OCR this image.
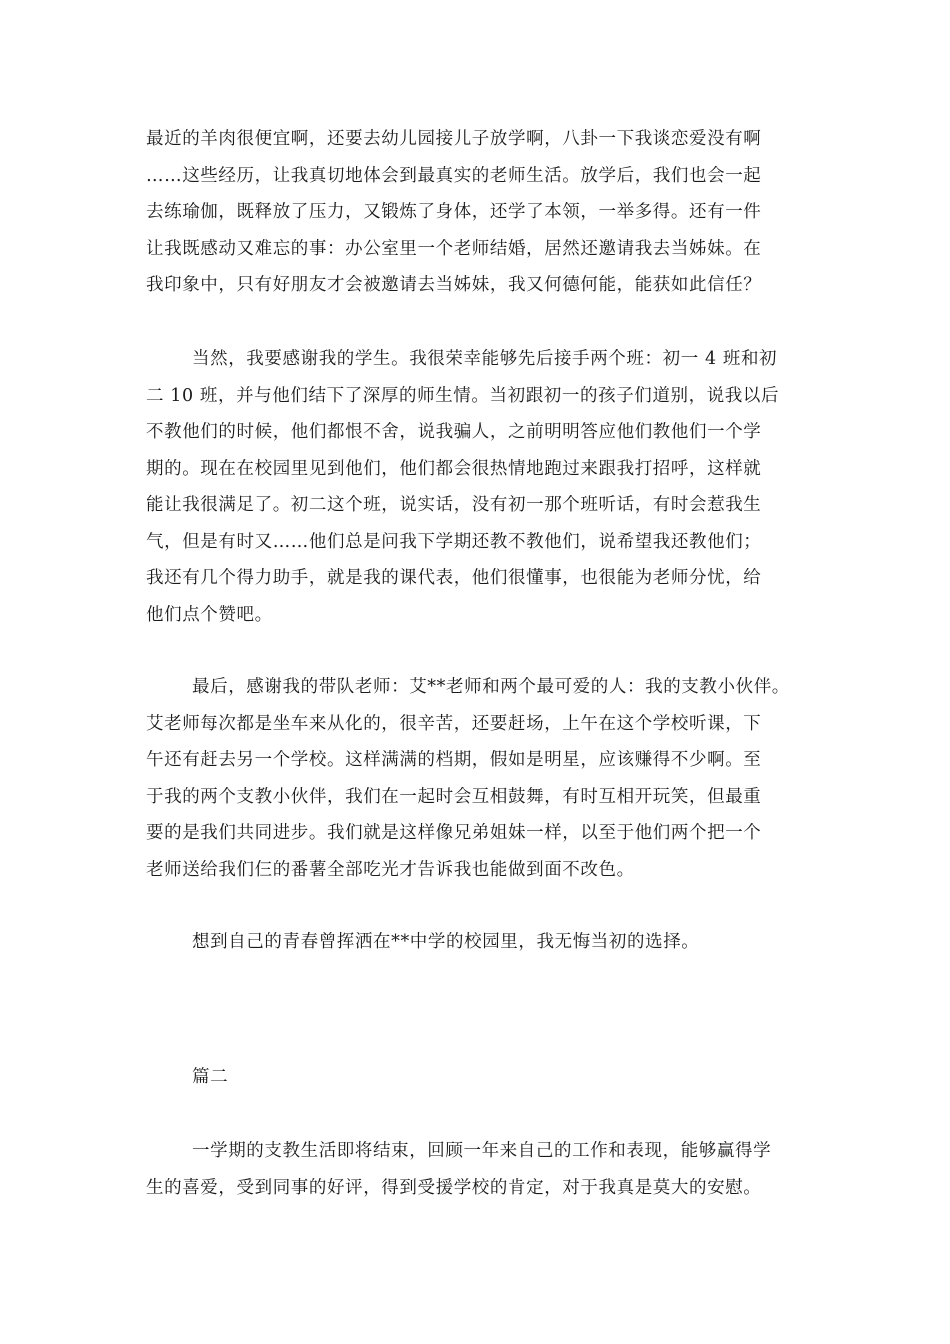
最近的羊肉很便宜啊，还要去幼儿园接儿子放学啊，八卦一下我谈恋爱没有啊
……这些经历，让我真切地体会到最真实的老师生活。放学后，我们也会一起
去练瑜伽，既释放了压力，又锻炼了身体，还学了本领，一举多得。还有一件
让我既感动又难忘的事：办公室里一个老师结婚，居然还邀请我去当姊妹。在
我印象中，只有好朋友才会被邀请去当姊妹，我又何德何能，能获如此信任？
当然，我要感谢我的学生。我很荣幸能够先后接手两个班：初一 4 班和初
二 10 班，并与他们结下了深厚的师生情。当初跟初一的孩子们道别，说我以后
不教他们的时候，他们都恨不舍，说我骗人，之前明明答应他们教他们一个学
期的。现在在校园里见到他们，他们都会很热情地跑过来跟我打招呼，这样就
能让我很满足了。初二这个班，说实话，没有初一那个班听话，有时会惹我生
气，但是有时又……他们总是问我下学期还教不教他们，说希望我还教他们；
我还有几个得力助手，就是我的课代表，他们很懂事，也很能为老师分忧，给
他们点个赞吧。
最后，感谢我的带队老师：艾**老师和两个最可爱的人：我的支教小伙伴。
艾老师每次都是坐车来从化的，很辛苦，还要赶场，上午在这个学校听课，下
午还有赶去另一个学校。这样满满的档期，假如是明星，应该赚得不少啊。至
于我的两个支教小伙伴，我们在一起时会互相鼓舞，有时互相开玩笑，但最重
要的是我们共同进步。我们就是这样像兄弟姐妹一样，以至于他们两个把一个
老师送给我们仨的番薯全部吃光才告诉我也能做到面不改色。
想到自己的青春曾挥洒在**中学的校园里，我无悔当初的选择。
篇二
一学期的支教生活即将结束，回顾一年来自己的工作和表现，能够赢得学
生的喜爱，受到同事的好评，得到受援学校的肯定，对于我真是莫大的安慰。
